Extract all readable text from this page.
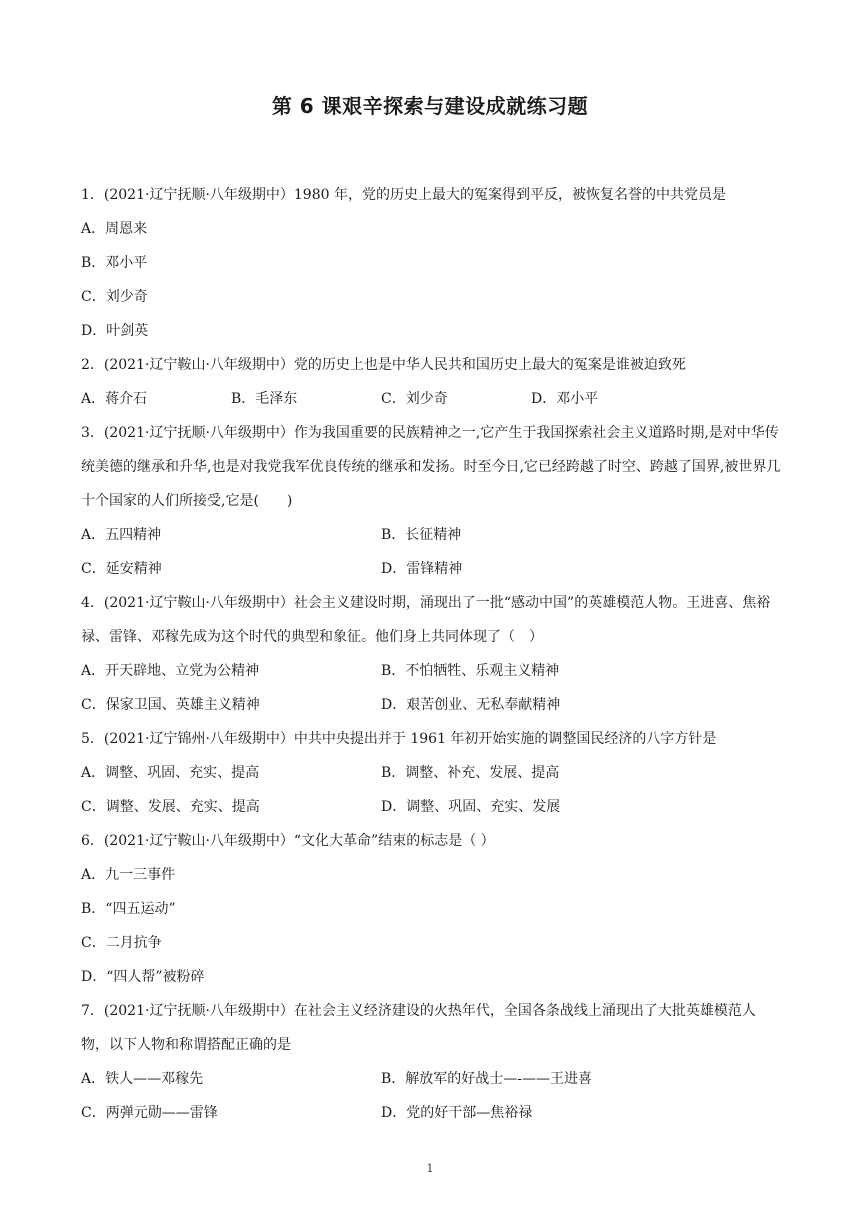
第 6 课艰辛探索与建设成就练习题
1．(2021·辽宁抚顺·八年级期中）1980 年，党的历史上最大的冤案得到平反，被恢复名誉的中共党员是
A．周恩来
B．邓小平
C．刘少奇
D．叶剑英
2．(2021·辽宁鞍山·八年级期中）党的历史上也是中华人民共和国历史上最大的冤案是谁被迫致死
A．蒋介石	B．毛泽东	C．刘少奇	D．邓小平
3．(2021·辽宁抚顺·八年级期中）作为我国重要的民族精神之一,它产生于我国探索社会主义道路时期,是对中华传统美德的继承和升华,也是对我党我军优良传统的继承和发扬。时至今日,它已经跨越了时空、跨越了国界,被世界几十个国家的人们所接受,它是(　　)
A．五四精神	B．长征精神
C．延安精神	D．雷锋精神
4．(2021·辽宁鞍山·八年级期中）社会主义建设时期，涌现出了一批“感动中国”的英雄模范人物。王进喜、焦裕禄、雷锋、邓稼先成为这个时代的典型和象征。他们身上共同体现了（　）
A．开天辟地、立党为公精神	B．不怕牺牲、乐观主义精神
C．保家卫国、英雄主义精神	D．艰苦创业、无私奉献精神
5．(2021·辽宁锦州·八年级期中）中共中央提出并于 1961 年初开始实施的调整国民经济的八字方针是
A．调整、巩固、充实、提高	B．调整、补充、发展、提高
C．调整、发展、充实、提高	D．调整、巩固、充实、发展
6．(2021·辽宁鞍山·八年级期中）“文化大革命”结束的标志是（ ）
A．九一三事件
B．“四五运动”
C．二月抗争
D．“四人帮”被粉碎
7．(2021·辽宁抚顺·八年级期中）在社会主义经济建设的火热年代，全国各条战线上涌现出了大批英雄模范人物，以下人物和称谓搭配正确的是
A．铁人——邓稼先	B．解放军的好战士—-——王进喜
C．两弹元勋——雷锋	D．党的好干部—焦裕禄
1
